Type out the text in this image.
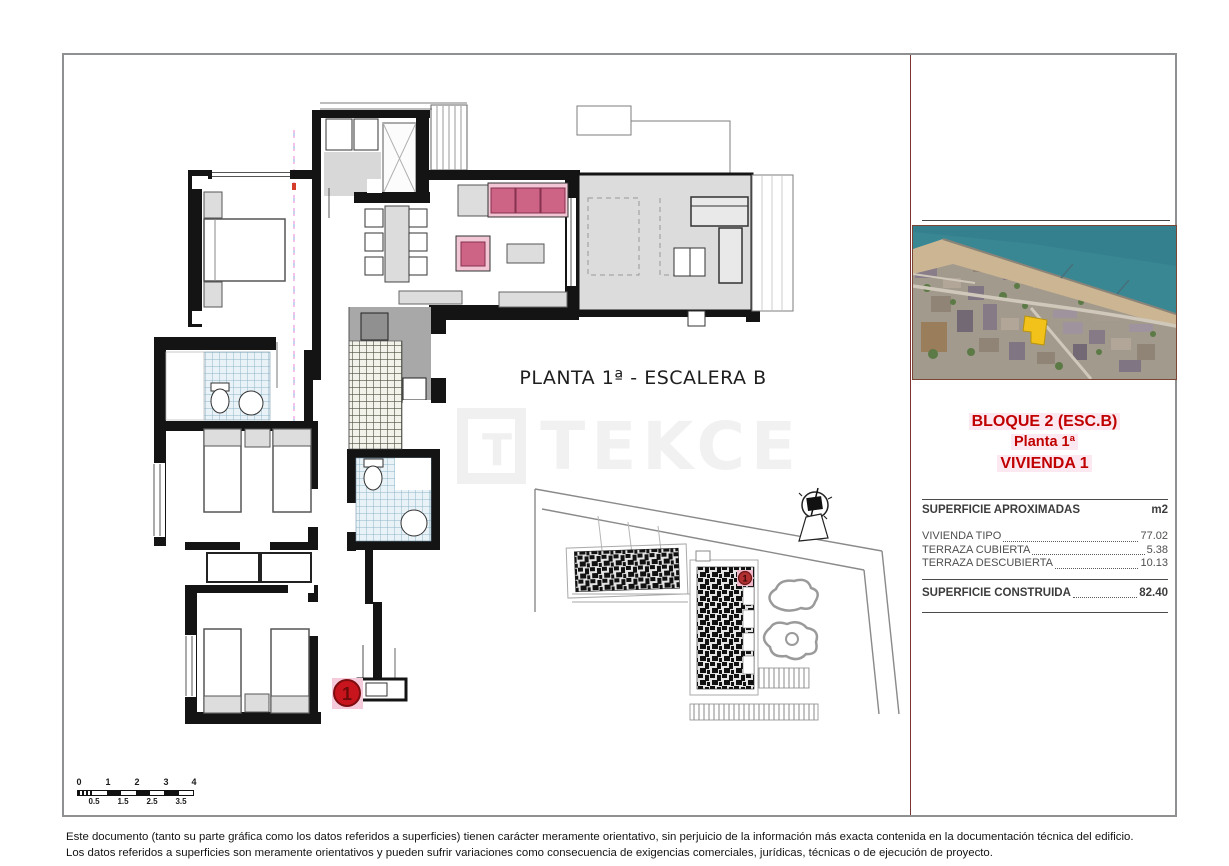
T TEKCE
1
1
PLANTA 1ª - ESCALERA B
BLOQUE 2 (ESC.B)
Planta 1ª
VIVIENDA 1
SUPERFICIE APROXIMADAS	m2
VIVIENDA TIPO	77.02
TERRAZA CUBIERTA	5.38
TERRAZA DESCUBIERTA	10.13
SUPERFICIE CONSTRUIDA	82.40
0	1	2	3	4
0.5 1.5 2.5 3.5
Este documento (tanto su parte gráfica como los datos referidos a superficies) tienen carácter meramente orientativo, sin perjuicio de la información más exacta contenida en la documentación técnica del edificio.
Los datos referidos a superficies son meramente orientativos y pueden sufrir variaciones como consecuencia de exigencias comerciales, jurídicas, técnicas o de ejecución de proyecto.
